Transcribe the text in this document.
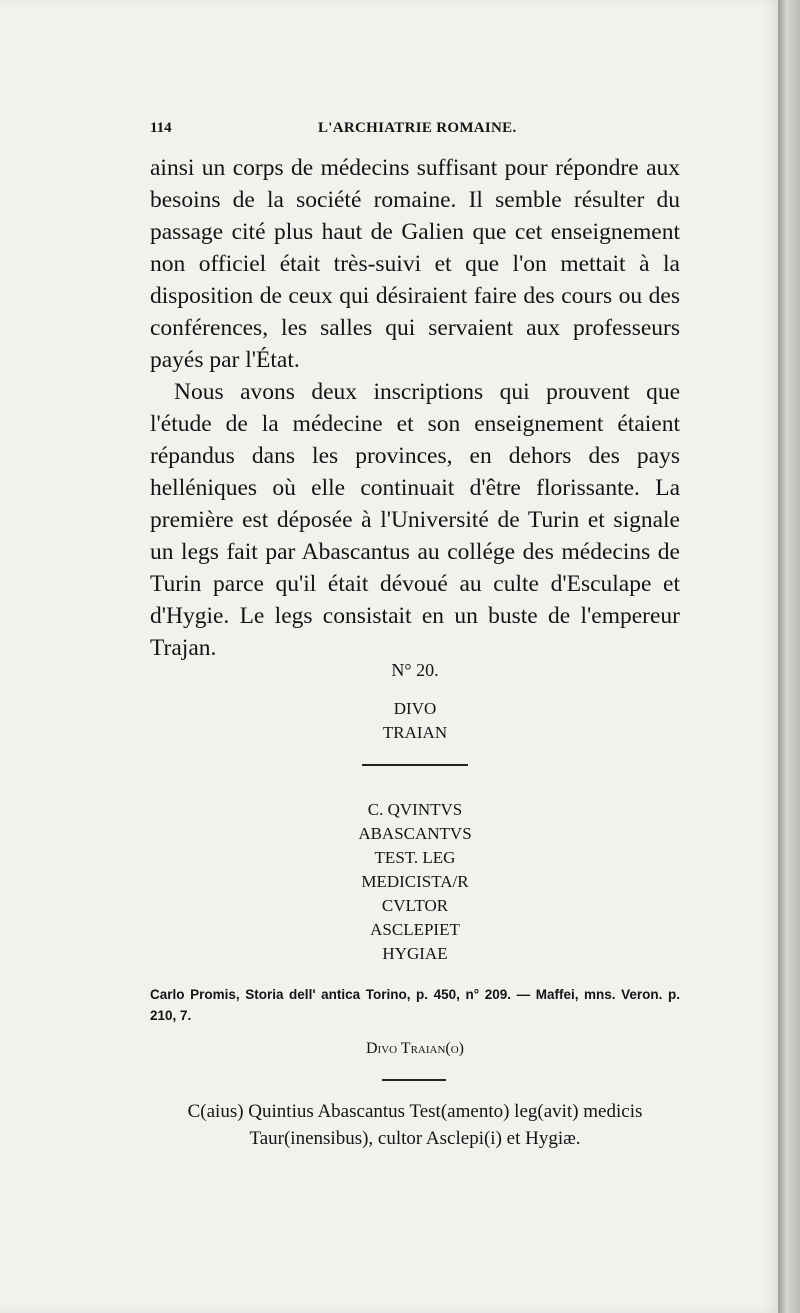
114	L'ARCHIATRIE ROMAINE.

ainsi un corps de médecins suffisant pour répondre aux besoins de la société romaine. Il semble résulter du passage cité plus haut de Galien que cet enseignement non officiel était très-suivi et que l'on mettait à la disposition de ceux qui désiraient faire des cours ou des conférences, les salles qui servaient aux professeurs payés par l'État.

Nous avons deux inscriptions qui prouvent que l'étude de la médecine et son enseignement étaient répandus dans les provinces, en dehors des pays helléniques où elle continuait d'être florissante. La première est déposée à l'Université de Turin et signale un legs fait par Abascantus au collége des médecins de Turin parce qu'il était dévoué au culte d'Esculape et d'Hygie. Le legs consistait en un buste de l'empereur Trajan.

N° 20.
DIVO
TRAIAN
C. QVINTVS
ABASCANTVS
TEST. LEG
MEDICISTA/R
CVLTOR
ASCLEPIET
HYGIAE
Carlo Promis, Storia dell' antica Torino, p. 450, n° 209. — Maffei, mns. Veron. p. 210, 7.
Divo Traian(o)
C(aius) Quintius Abascantus Test(amento) leg(avit) medicis Taur(inensibus), cultor Asclepi(i) et Hygiæ.
